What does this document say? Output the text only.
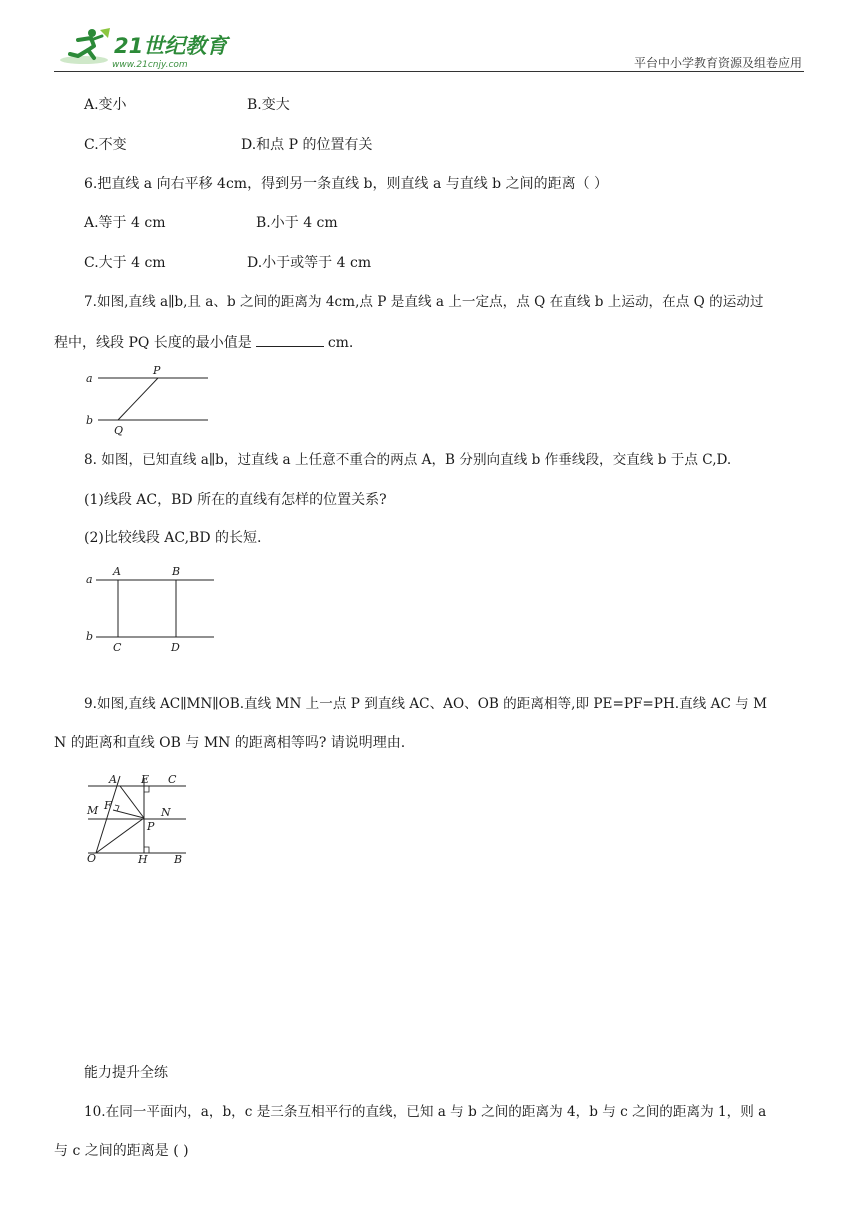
21世纪教育
www.21cnjy.com	平台中小学教育资源及组卷应用
A.变小	B.变大
C.不变	D.和点 P 的位置有关
6.把直线 a 向右平移 4cm，得到另一条直线 b，则直线 a 与直线 b 之间的距离（ ）
A.等于 4 cm	B.小于 4 cm
C.大于 4 cm	D.小于或等于 4 cm
7.如图,直线 a∥b,且 a、b 之间的距离为 4cm,点 P 是直线 a 上一定点，点 Q 在直线 b 上运动，在点 Q 的运动过
程中，线段 PQ 长度的最小值是	cm.
a
b
P
Q
8. 如图，已知直线 a∥b，过直线 a 上任意不重合的两点 A，B 分别向直线 b 作垂线段，交直线 b 于点 C,D.
(1)线段 AC，BD 所在的直线有怎样的位置关系?
(2)比较线段 AC,BD 的长短.
a
b
A	B
C	D
9.如图,直线 AC∥MN∥OB.直线 MN 上一点 P 到直线 AC、AO、OB 的距离相等,即 PE=PF=PH.直线 AC 与 M
N 的距离和直线 OB 与 MN 的距离相等吗? 请说明理由.
A E C
M F
N
P
O	H B
能力提升全练
10.在同一平面内，a，b，c 是三条互相平行的直线，已知 a 与 b 之间的距离为 4，b 与 c 之间的距离为 1，则 a
与 c 之间的距离是 ( )
